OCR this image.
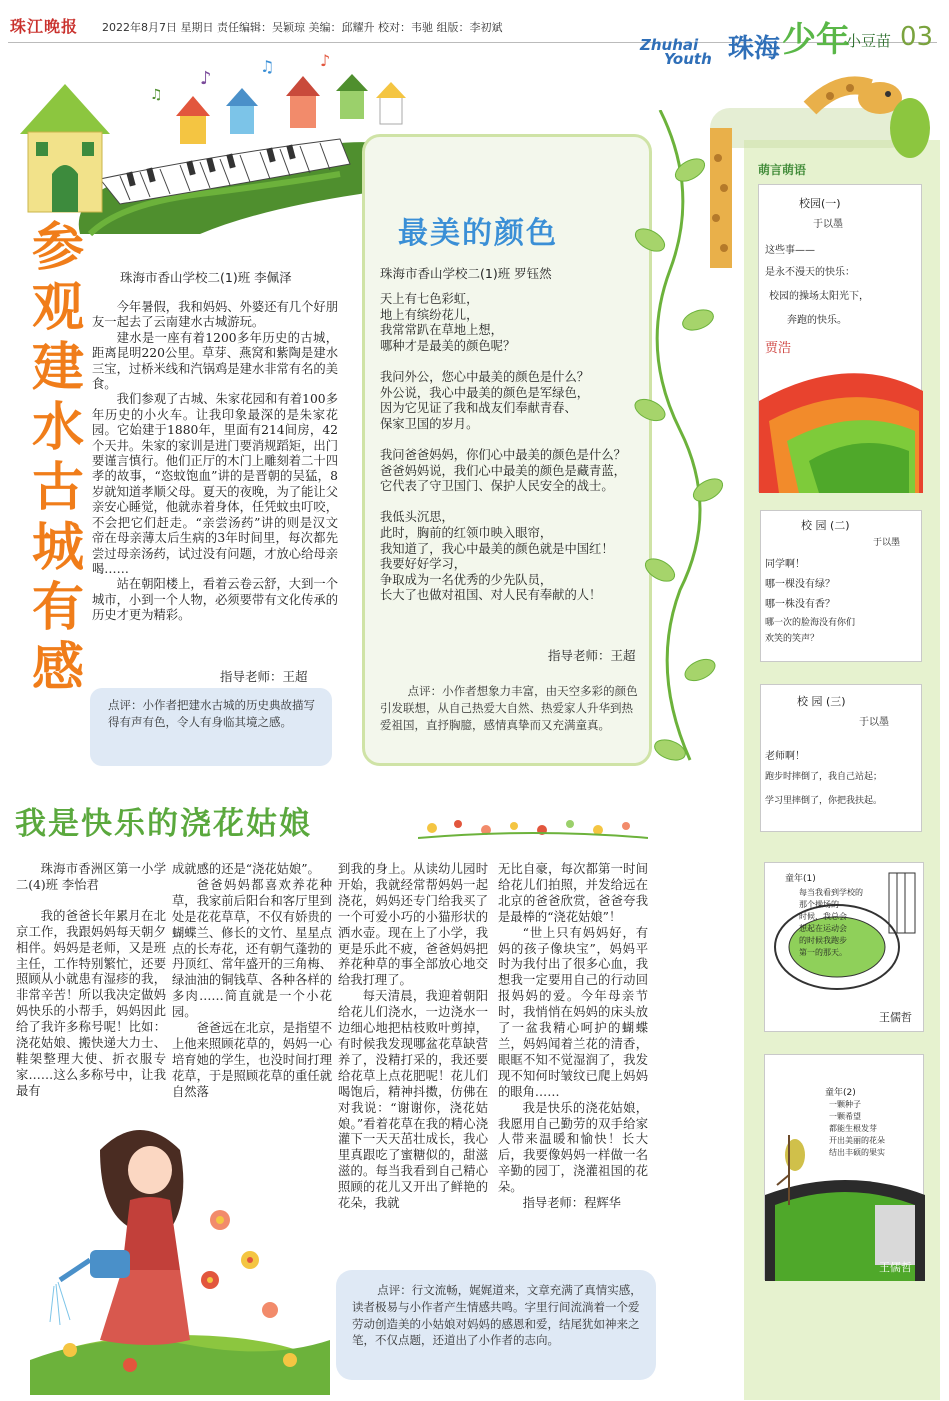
珠江晚报 2022年8月7日 星期日 责任编辑：吴颖琼 美编：邱耀升 校对：韦驰 组版：李初斌
Zhuhai
Youth 珠海 少年
小豆苗 03
♪
♫	♪
♫
参观建水古城有感
珠海市香山学校二(1)班 李佩泽

今年暑假，我和妈妈、外婆还有几个好朋友一起去了云南建水古城游玩。

建水是一座有着1200多年历史的古城，距离昆明220公里。草芽、燕窝和紫陶是建水三宝，过桥米线和汽锅鸡是建水非常有名的美食。

我们参观了古城、朱家花园和有着100多年历史的小火车。让我印象最深的是朱家花园。它始建于1880年，里面有214间房，42个天井。朱家的家训是进门要消规蹈矩，出门要谨言慎行。他们正厅的木门上雕刻着二十四孝的故事，“恣蚊饱血”讲的是晋朝的吴猛，8岁就知道孝顺父母。夏天的夜晚，为了能让父亲安心睡觉，他就赤着身体，任凭蚊虫叮咬，不会把它们赶走。“亲尝汤药”讲的则是汉文帝在母亲薄太后生病的3年时间里，每次都先尝过母亲汤药，试过没有问题，才放心给母亲喝……

站在朝阳楼上，看着云卷云舒，大到一个城市，小到一个人物，必须要带有文化传承的历史才更为精彩。

指导老师：王超
点评：小作者把建水古城的历史典故描写得有声有色，令人有身临其境之感。
最美的颜色
珠海市香山学校二(1)班 罗钰然

天上有七色彩虹，
地上有缤纷花儿，
我常常趴在草地上想，
哪种才是最美的颜色呢？

我问外公，您心中最美的颜色是什么？
外公说，我心中最美的颜色是军绿色，
因为它见证了我和战友们奉献青春、
保家卫国的岁月。

我问爸爸妈妈，你们心中最美的颜色是什么？
爸爸妈妈说，我们心中最美的颜色是藏青蓝，
它代表了守卫国门、保护人民安全的战士。

我低头沉思，
此时，胸前的红领巾映入眼帘，
我知道了，我心中最美的颜色就是中国红！
我要好好学习，
争取成为一名优秀的少先队员，
长大了也做对祖国、对人民有奉献的人！

指导老师：王超
点评：小作者想象力丰富，由天空多彩的颜色引发联想，从自己热爱大自然、热爱家人升华到热爱祖国，直抒胸臆，感情真挚而又充满童真。
我是快乐的浇花姑娘

珠海市香洲区第一小学二(4)班 李怡君

我的爸爸长年累月在北京工作，我跟妈妈每天朝夕相伴。妈妈是老师，又是班主任，工作特别繁忙，还要照顾从小就患有湿疹的我，非常辛苦！所以我决定做妈妈快乐的小帮手，妈妈因此给了我许多称号呢！比如：浇花姑娘、搬快递大力士、鞋架整理大使、折衣服专家……这么多称号中，让我最有

成就感的还是“浇花姑娘”。

爸爸妈妈都喜欢养花种草，我家前后阳台和客厅里到处是花花草草，不仅有娇贵的蝴蝶兰、修长的文竹、星星点点的长寿花，还有朝气蓬勃的丹顶红、常年盛开的三角梅、绿油油的铜钱草、各种各样的多肉……简直就是一个小花园。

爸爸远在北京，是指望不上他来照顾花草的，妈妈一心培育她的学生，也没时间打理花草，于是照顾花草的重任就自然落

到我的身上。从读幼儿园时开始，我就经常帮妈妈一起浇花，妈妈还专门给我买了一个可爱小巧的小猫形状的洒水壶。现在上了小学，我更是乐此不疲，爸爸妈妈把养花种草的事全部放心地交给我打理了。

每天清晨，我迎着朝阳给花儿们浇水，一边浇水一边细心地把枯枝败叶剪掉，有时候我发现哪盆花草缺营养了，没精打采的，我还要给花草上点花肥呢！花儿们喝饱后，精神抖擞，仿佛在对我说：“谢谢你，浇花姑娘。”看着花草在我的精心浇灌下一天天茁壮成长，我心里真跟吃了蜜糖似的，甜滋滋的。每当我看到自己精心照顾的花儿又开出了鲜艳的花朵，我就

无比自豪，每次都第一时间给花儿们拍照，并发给远在北京的爸爸欣赏，爸爸夸我是最棒的“浇花姑娘”！

“世上只有妈妈好，有妈的孩子像块宝”，妈妈平时为我付出了很多心血，我想我一定要用自己的行动回报妈妈的爱。今年母亲节时，我悄悄在妈妈的床头放了一盆我精心呵护的蝴蝶兰，妈妈闻着兰花的清香，眼眶不知不觉湿润了，我发现不知何时皱纹已爬上妈妈的眼角……

我是快乐的浇花姑娘，我愿用自己勤劳的双手给家人带来温暖和愉快！长大后，我要像妈妈一样做一名辛勤的园丁，浇灌祖国的花朵。

指导老师：程辉华

点评：行文流畅，娓娓道来，文章充满了真情实感，读者极易与小作者产生情感共鸣。字里行间流淌着一个爱劳动创造美的小姑娘对妈妈的感恩和爱，结尾犹如神来之笔，不仅点题，还道出了小作者的志向。
萌言萌语
校园(一)
于以墨
这些事——
是永不漫天的快乐：
校园的操场太阳光下，
奔跑的快乐。
贾浩
校 园 (二)
于以墨
同学啊！
哪一棵没有绿？
哪一株没有香？
哪一次的脸海没有你们
欢笑的笑声？
校 园 (三)
于以墨
老师啊！
跑步时摔倒了，我自己站起；
学习里摔倒了，你把我扶起。
童年(1)
每当我看到学校的
那个操场的
时候，我总会
想起在运动会
的时候我跑步
第一的那天。
王儒哲
童年(2)
一颗种子
一颗希望
都能生根发芽
开出美丽的花朵
结出丰硕的果实
王儒哲
